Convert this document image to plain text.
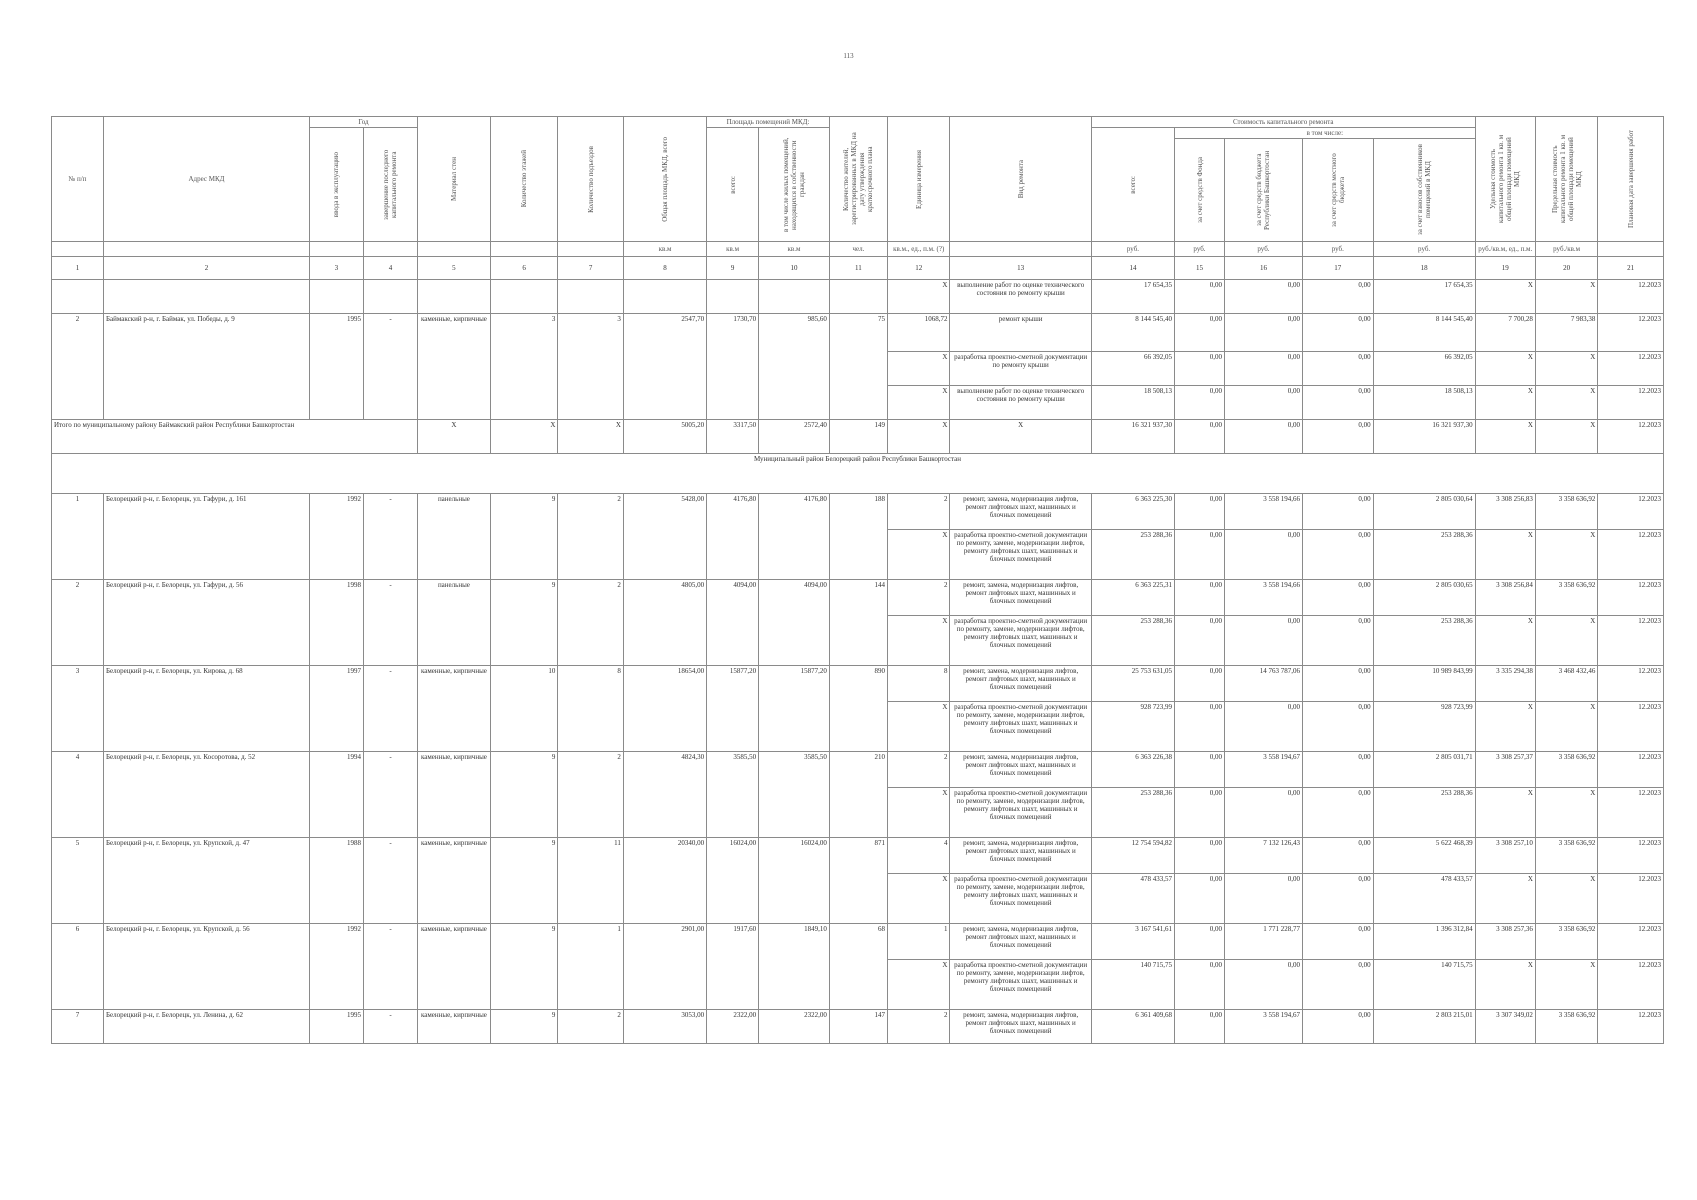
113
№ п/п	Адрес МКД	Год		Материал стен	Количество этажей	Количество подъездов	Общая площадь МКД, всего	Площадь помещений МКД:		Количество жителей, зарегистрированных в МКД на дату утверждения краткосрочного плана	Единица измерения	Вид ремонта	Стоимость капитального ремонта					Удельная стоимость капитального ремонта 1 кв. м общей площади помещений МКД	Предельная стоимость капитального ремонта 1 кв. м общей площади помещений МКД	Плановая дата завершения работ

		ввода в эксплуатацию	завершение последнего капитального ремонта					всего:	в том числе жилых помещений, находящихся в собственности граждан				всего:	в том числе:						

														за счет средств Фонда	за счет средств бюджета Республики Башкортостан	за счет средств местного бюджета	за счет взносов собственников помещений в МКД			

							кв.м	кв.м	кв.м	чел.	кв.м., ед., п.м. (?)		руб.	руб.	руб.	руб.	руб.	руб./кв.м, ед., п.м.	руб./кв.м	
1	2	3	4	5	6	7	8	9	10	11	12	13	14	15	16	17	18	19	20	21
											X	выполнение работ по оценке технического состояния по ремонту крыши	17 654,35	0,00	0,00	0,00	17 654,35	X	X	12.2023
2	Баймакский р-н, г. Баймак, ул. Победы, д. 9	1995	-	каменные, кирпичные	3	3	2547,70	1730,70	985,60	75	1068,72	ремонт крыши	8 144 545,40	0,00	0,00	0,00	8 144 545,40	7 700,28	7 983,38	12.2023
											X	разработка проектно-сметной документации по ремонту крыши	66 392,05	0,00	0,00	0,00	66 392,05	X	X	12.2023
											X	выполнение работ по оценке технического состояния по ремонту крыши	18 508,13	0,00	0,00	0,00	18 508,13	X	X	12.2023
Итого по муниципальному району Баймакский район Республики Башкортостан				X	X	X	5005,20	3317,50	2572,40	149	X	X	16 321 937,30	0,00	0,00	0,00	16 321 937,30	X	X	12.2023
Муниципальный район Белорецкий район Республики Башкортостан																				
1	Белорецкий р-н, г. Белорецк, ул. Гафури, д. 161	1992	-	панельные	9	2	5428,00	4176,80	4176,80	188	2	ремонт, замена, модернизация лифтов, ремонт лифтовых шахт, машинных и блочных помещений	6 363 225,30	0,00	3 558 194,66	0,00	2 805 030,64	3 308 256,83	3 358 636,92	12.2023
											X	разработка проектно-сметной документации по ремонту, замене, модернизации лифтов, ремонту лифтовых шахт, машинных и блочных помещений	253 288,36	0,00	0,00	0,00	253 288,36	X	X	12.2023
2	Белорецкий р-н, г. Белорецк, ул. Гафури, д. 56	1998	-	панельные	9	2	4805,00	4094,00	4094,00	144	2	ремонт, замена, модернизация лифтов, ремонт лифтовых шахт, машинных и блочных помещений	6 363 225,31	0,00	3 558 194,66	0,00	2 805 030,65	3 308 256,84	3 358 636,92	12.2023
											X	разработка проектно-сметной документации по ремонту, замене, модернизации лифтов, ремонту лифтовых шахт, машинных и блочных помещений	253 288,36	0,00	0,00	0,00	253 288,36	X	X	12.2023
3	Белорецкий р-н, г. Белорецк, ул. Кирова, д. 68	1997	-	каменные, кирпичные	10	8	18654,00	15877,20	15877,20	890	8	ремонт, замена, модернизация лифтов, ремонт лифтовых шахт, машинных и блочных помещений	25 753 631,05	0,00	14 763 787,06	0,00	10 989 843,99	3 335 294,38	3 468 432,46	12.2023
											X	разработка проектно-сметной документации по ремонту, замене, модернизации лифтов, ремонту лифтовых шахт, машинных и блочных помещений	928 723,99	0,00	0,00	0,00	928 723,99	X	X	12.2023
4	Белорецкий р-н, г. Белорецк, ул. Косоротова, д. 52	1994	-	каменные, кирпичные	9	2	4824,30	3585,50	3585,50	210	2	ремонт, замена, модернизация лифтов, ремонт лифтовых шахт, машинных и блочных помещений	6 363 226,38	0,00	3 558 194,67	0,00	2 805 031,71	3 308 257,37	3 358 636,92	12.2023
											X	разработка проектно-сметной документации по ремонту, замене, модернизации лифтов, ремонту лифтовых шахт, машинных и блочных помещений	253 288,36	0,00	0,00	0,00	253 288,36	X	X	12.2023
5	Белорецкий р-н, г. Белорецк, ул. Крупской, д. 47	1988	-	каменные, кирпичные	9	11	20340,00	16024,00	16024,00	871	4	ремонт, замена, модернизация лифтов, ремонт лифтовых шахт, машинных и блочных помещений	12 754 594,82	0,00	7 132 126,43	0,00	5 622 468,39	3 308 257,10	3 358 636,92	12.2023
											X	разработка проектно-сметной документации по ремонту, замене, модернизации лифтов, ремонту лифтовых шахт, машинных и блочных помещений	478 433,57	0,00	0,00	0,00	478 433,57	X	X	12.2023
6	Белорецкий р-н, г. Белорецк, ул. Крупской, д. 56	1992	-	каменные, кирпичные	9	1	2901,00	1917,60	1849,10	68	1	ремонт, замена, модернизация лифтов, ремонт лифтовых шахт, машинных и блочных помещений	3 167 541,61	0,00	1 771 228,77	0,00	1 396 312,84	3 308 257,36	3 358 636,92	12.2023
											X	разработка проектно-сметной документации по ремонту, замене, модернизации лифтов, ремонту лифтовых шахт, машинных и блочных помещений	140 715,75	0,00	0,00	0,00	140 715,75	X	X	12.2023
7	Белорецкий р-н, г. Белорецк, ул. Ленина, д. 62	1995	-	каменные, кирпичные	9	2	3053,00	2322,00	2322,00	147	2	ремонт, замена, модернизация лифтов, ремонт лифтовых шахт, машинных и блочных помещений	6 361 409,68	0,00	3 558 194,67	0,00	2 803 215,01	3 307 349,02	3 358 636,92	12.2023
